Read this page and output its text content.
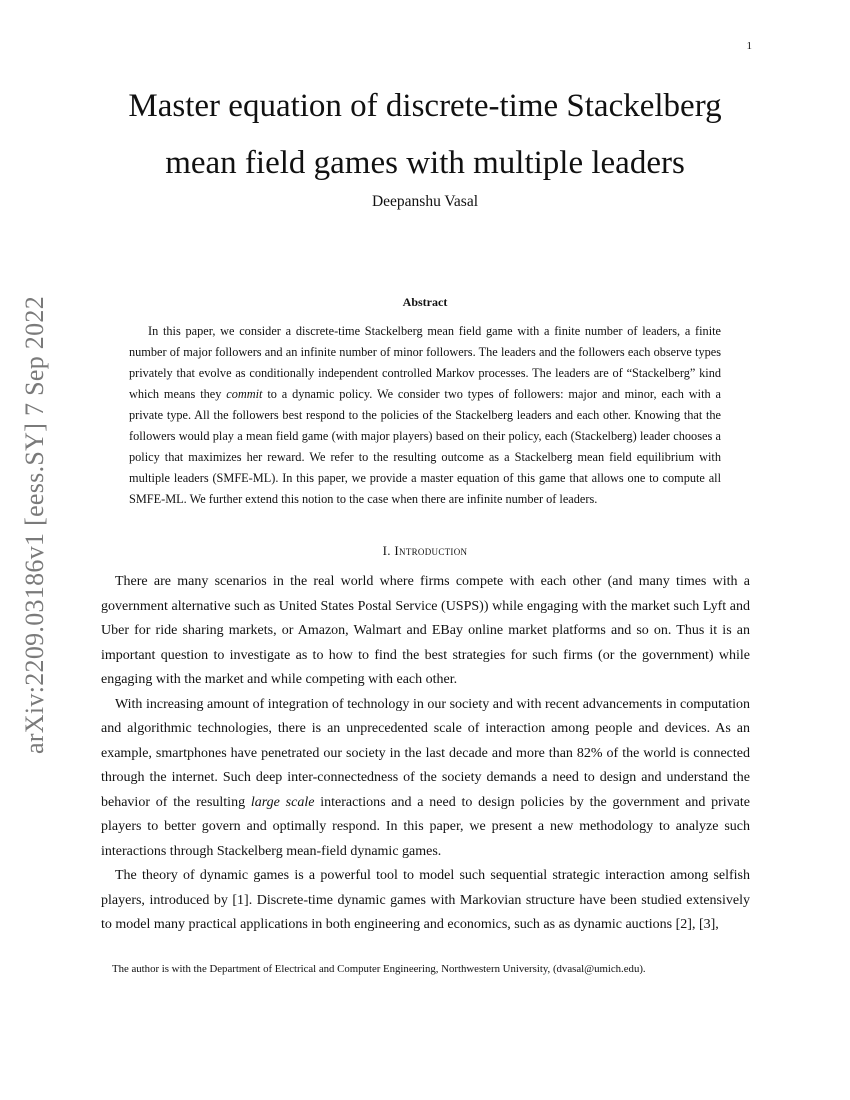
1
arXiv:2209.03186v1 [eess.SY] 7 Sep 2022
Master equation of discrete-time Stackelberg
mean field games with multiple leaders
Deepanshu Vasal
Abstract

In this paper, we consider a discrete-time Stackelberg mean field game with a finite number of leaders, a finite number of major followers and an infinite number of minor followers. The leaders and the followers each observe types privately that evolve as conditionally independent controlled Markov processes. The leaders are of “Stackelberg” kind which means they commit to a dynamic policy. We consider two types of followers: major and minor, each with a private type. All the followers best respond to the policies of the Stackelberg leaders and each other. Knowing that the followers would play a mean field game (with major players) based on their policy, each (Stackelberg) leader chooses a policy that maximizes her reward. We refer to the resulting outcome as a Stackelberg mean field equilibrium with multiple leaders (SMFE-ML). In this paper, we provide a master equation of this game that allows one to compute all SMFE-ML. We further extend this notion to the case when there are infinite number of leaders.

I. Introduction

There are many scenarios in the real world where firms compete with each other (and many times with a government alternative such as United States Postal Service (USPS)) while engaging with the market such Lyft and Uber for ride sharing markets, or Amazon, Walmart and EBay online market platforms and so on. Thus it is an important question to investigate as to how to find the best strategies for such firms (or the government) while engaging with the market and while competing with each other.

With increasing amount of integration of technology in our society and with recent advancements in computation and algorithmic technologies, there is an unprecedented scale of interaction among people and devices. As an example, smartphones have penetrated our society in the last decade and more than 82% of the world is connected through the internet. Such deep inter-connectedness of the society demands a need to design and understand the behavior of the resulting large scale interactions and a need to design policies by the government and private players to better govern and optimally respond. In this paper, we present a new methodology to analyze such interactions through Stackelberg mean-field dynamic games.

The theory of dynamic games is a powerful tool to model such sequential strategic interaction among selfish players, introduced by [1]. Discrete-time dynamic games with Markovian structure have been studied extensively to model many practical applications in both engineering and economics, such as as dynamic auctions [2], [3],

The author is with the Department of Electrical and Computer Engineering, Northwestern University, (dvasal@umich.edu).
